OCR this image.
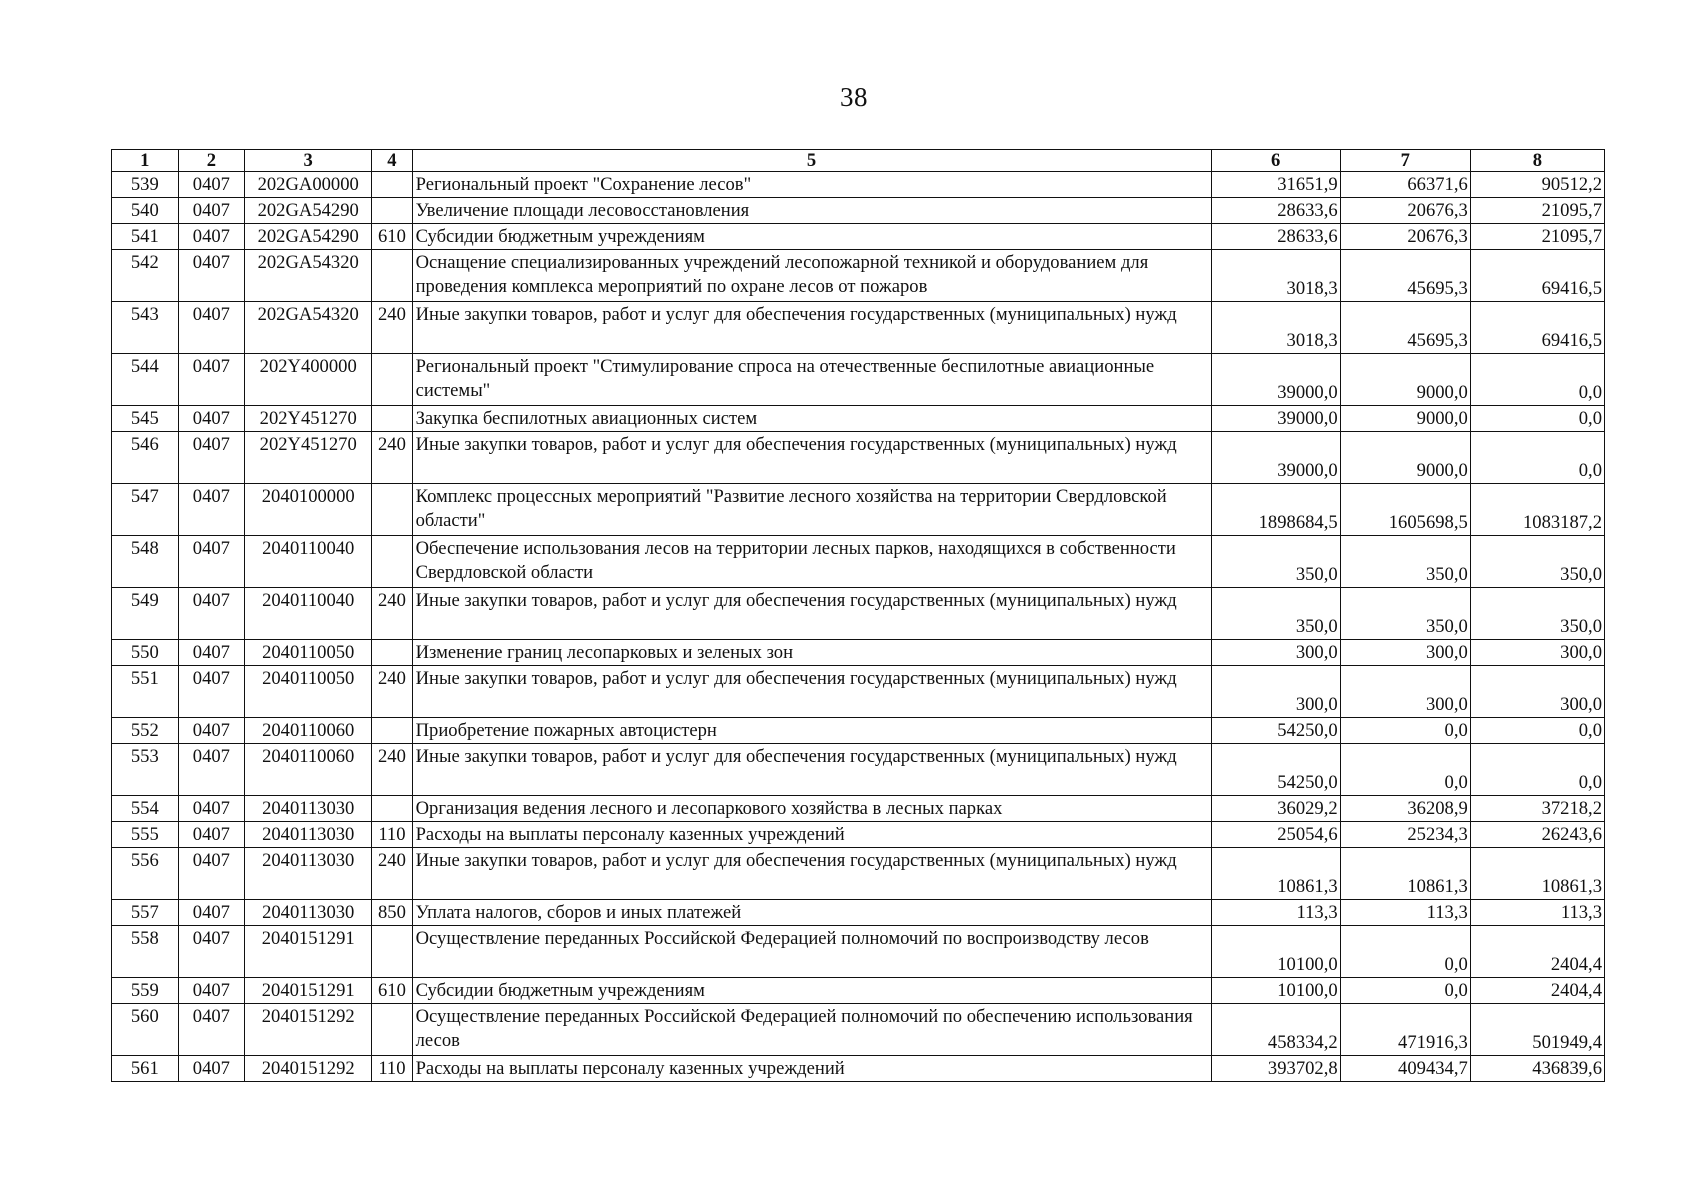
38
1	2	3	4	5	6	7	8
539	0407	202GA00000		Региональный проект "Сохранение лесов"	31651,9	66371,6	90512,2
540	0407	202GA54290		Увеличение площади лесовосстановления	28633,6	20676,3	21095,7
541	0407	202GA54290	610	Субсидии бюджетным учреждениям	28633,6	20676,3	21095,7
542	0407	202GA54320		Оснащение специализированных учреждений лесопожарной техникой и оборудованием для проведения комплекса мероприятий по охране лесов от пожаров	3018,3	45695,3	69416,5
543	0407	202GA54320	240	Иные закупки товаров, работ и услуг для обеспечения государственных (муниципальных) нужд	3018,3	45695,3	69416,5
544	0407	202Y400000		Региональный проект "Стимулирование спроса на отечественные беспилотные авиационные системы"	39000,0	9000,0	0,0
545	0407	202Y451270		Закупка беспилотных авиационных систем	39000,0	9000,0	0,0
546	0407	202Y451270	240	Иные закупки товаров, работ и услуг для обеспечения государственных (муниципальных) нужд	39000,0	9000,0	0,0
547	0407	2040100000		Комплекс процессных мероприятий "Развитие лесного хозяйства на территории Свердловской области"	1898684,5	1605698,5	1083187,2
548	0407	2040110040		Обеспечение использования лесов на территории лесных парков, находящихся в собственности Свердловской области	350,0	350,0	350,0
549	0407	2040110040	240	Иные закупки товаров, работ и услуг для обеспечения государственных (муниципальных) нужд	350,0	350,0	350,0
550	0407	2040110050		Изменение границ лесопарковых и зеленых зон	300,0	300,0	300,0
551	0407	2040110050	240	Иные закупки товаров, работ и услуг для обеспечения государственных (муниципальных) нужд	300,0	300,0	300,0
552	0407	2040110060		Приобретение пожарных автоцистерн	54250,0	0,0	0,0
553	0407	2040110060	240	Иные закупки товаров, работ и услуг для обеспечения государственных (муниципальных) нужд	54250,0	0,0	0,0
554	0407	2040113030		Организация ведения лесного и лесопаркового хозяйства в лесных парках	36029,2	36208,9	37218,2
555	0407	2040113030	110	Расходы на выплаты персоналу казенных учреждений	25054,6	25234,3	26243,6
556	0407	2040113030	240	Иные закупки товаров, работ и услуг для обеспечения государственных (муниципальных) нужд	10861,3	10861,3	10861,3
557	0407	2040113030	850	Уплата налогов, сборов и иных платежей	113,3	113,3	113,3
558	0407	2040151291		Осуществление переданных Российской Федерацией полномочий по воспроизводству лесов	10100,0	0,0	2404,4
559	0407	2040151291	610	Субсидии бюджетным учреждениям	10100,0	0,0	2404,4
560	0407	2040151292		Осуществление переданных Российской Федерацией полномочий по обеспечению использования лесов	458334,2	471916,3	501949,4
561	0407	2040151292	110	Расходы на выплаты персоналу казенных учреждений	393702,8	409434,7	436839,6
